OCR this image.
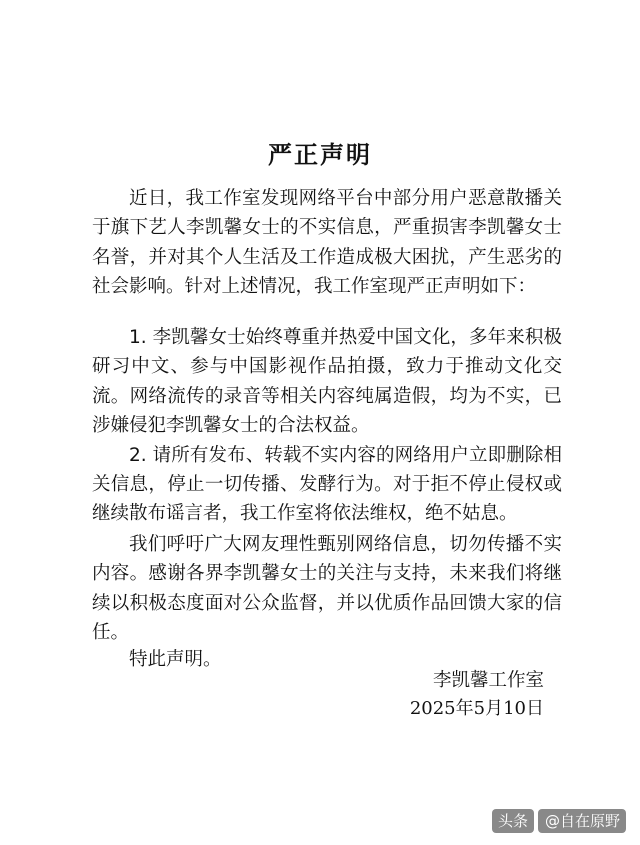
严正声明

近日，我工作室发现网络平台中部分用户恶意散播关于旗下艺人李凯馨女士的不实信息，严重损害李凯馨女士名誉，并对其个人生活及工作造成极大困扰，产生恶劣的社会影响。针对上述情况，我工作室现严正声明如下：

1. 李凯馨女士始终尊重并热爱中国文化，多年来积极研习中文、参与中国影视作品拍摄，致力于推动文化交流。网络流传的录音等相关内容纯属造假，均为不实，已涉嫌侵犯李凯馨女士的合法权益。

2. 请所有发布、转载不实内容的网络用户立即删除相关信息，停止一切传播、发酵行为。对于拒不停止侵权或继续散布谣言者，我工作室将依法维权，绝不姑息。

我们呼吁广大网友理性甄别网络信息，切勿传播不实内容。感谢各界李凯馨女士的关注与支持，未来我们将继续以积极态度面对公众监督，并以优质作品回馈大家的信任。

特此声明。

李凯馨工作室
2025年5月10日
头条	@自在原野
